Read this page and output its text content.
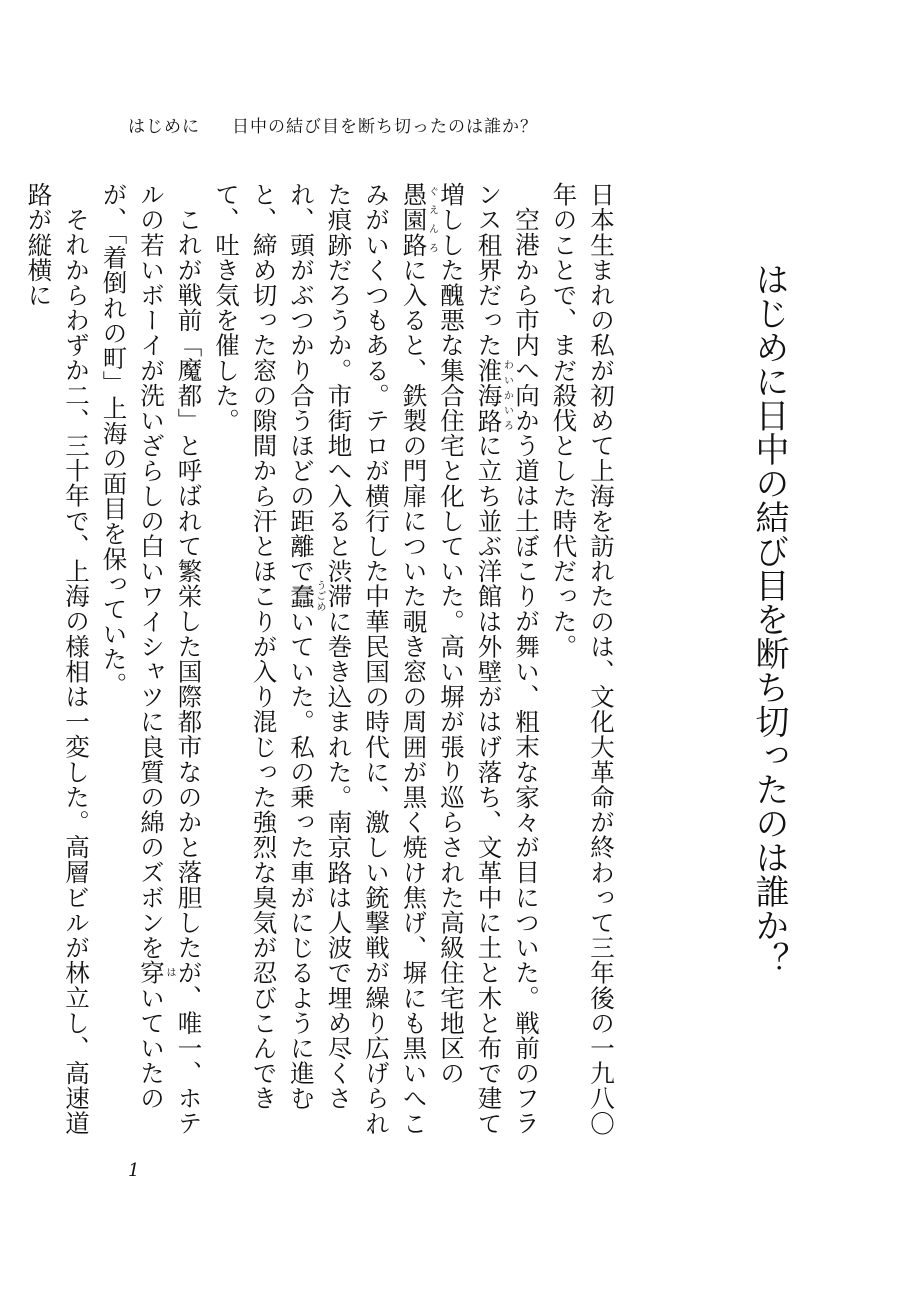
はじめに 日中の結び目を断ち切ったのは誰か？
はじめに日中の結び目を断ち切ったのは誰か？

日本生まれの私が初めて上海を訪れたのは、文化大革命が終わって三年後の一九八〇年のことで、まだ殺伐とした時代だった。

空港から市内へ向かう道は土ぼこりが舞い、粗末な家々が目についた。戦前のフランス租界だった淮海路わいかいろに立ち並ぶ洋館は外壁がはげ落ち、文革中に土と木と布で建て増しした醜悪な集合住宅と化していた。高い塀が張り巡らされた高級住宅地区の愚園路ぐえんろに入ると、鉄製の門扉についた覗き窓の周囲が黒く焼け焦げ、塀にも黒いへこみがいくつもある。テロが横行した中華民国の時代に、激しい銃撃戦が繰り広げられた痕跡だろうか。市街地へ入ると渋滞に巻き込まれた。南京路は人波で埋め尽くされ、頭がぶつかり合うほどの距離で蠢うごめいていた。私の乗った車がにじるように進むと、締め切った窓の隙間から汗とほこりが入り混じった強烈な臭気が忍びこんできて、吐き気を催した。

これが戦前「魔都」と呼ばれて繁栄した国際都市なのかと落胆したが、唯一、ホテルの若いボーイが洗いざらしの白いワイシャツに良質の綿のズボンを穿はいていたのが、「着倒れの町」上海の面目を保っていた。

それからわずか二、三十年で、上海の様相は一変した。高層ビルが林立し、高速道路が縦横に

1
